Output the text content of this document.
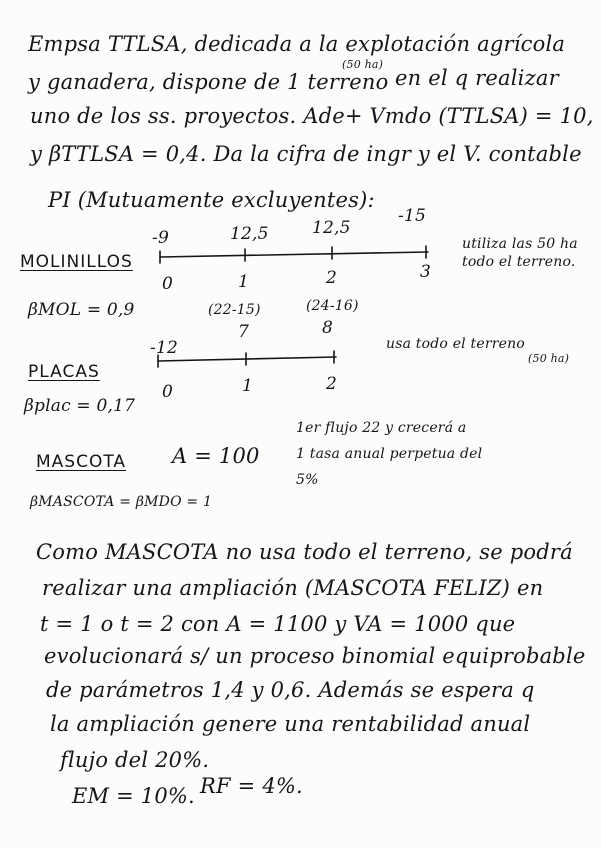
Empsa TTLSA, dedicada a la explotación agrícola
(50 ha)
y ganadera, dispone de 1 terreno en el q realizar
uno de los ss. proyectos. Ade+ Vmdo (TTLSA) = 10,
y βTTLSA = 0,4. Da la cifra de ingr y el V. contable
PI (Mutuamente excluyentes):
-9	12,5	12,5
-15
utiliza las 50 ha
todo el terreno.
MOLINILLOS
0	1	2	3
βMOL = 0,9	(22-15)	(24-16)
7	8
-12	usa todo el terreno
(50 ha)
PLACAS
0	1	2
βplac = 0,17
1er flujo 22 y crecerá a
1 tasa anual perpetua del
MASCOTA A = 100
5%
βMASCOTA = βMDO = 1
Como MASCOTA no usa todo el terreno, se podrá
realizar una ampliación (MASCOTA FELIZ) en
t = 1 o t = 2 con A = 1100 y VA = 1000 que
evolucionará s/ un proceso binomial equiprobable
de parámetros 1,4 y 0,6. Además se espera q
la ampliación genere una rentabilidad anual
flujo del 20%.
EM = 10%. RF = 4%.
